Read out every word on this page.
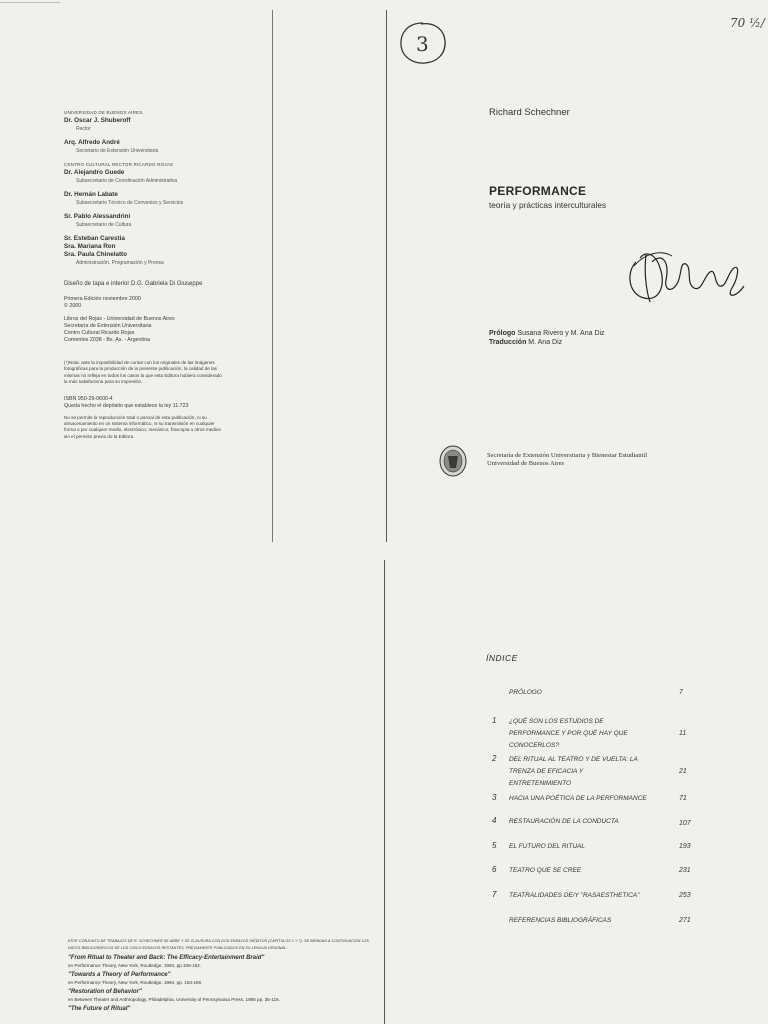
UNIVERSIDAD DE BUENOS AIRES
Dr. Oscar J. Shuberoff
Rector
Arq. Alfredo André
Secretario de Extensión Universitaria
CENTRO CULTURAL RECTOR RICARDO ROJAS
Dr. Alejandro Guede
Subsecretario de Coordinación Administrativa
Dr. Hernán Labate
Subsecretario Técnico de Convenios y Servicios
Sr. Pablo Alessandrini
Subsecretario de Cultura
Sr. Esteban Carestia
Sra. Mariana Ron
Sra. Paula Chinelatto
Administración, Programación y Prensa
Diseño de tapa e interior D.G. Gabriela Di Giuseppe
Primera Edición noviembre 2000
© 2000
Libros del Rojas - Universidad de Buenos Aires
Secretaría de Extensión Universitaria
Centro Cultural Ricardo Rojas
Corrientes 2038 - Bs. As. - Argentina
(*)Nota: ante la imposibilidad de contar con los originales de las imágenes fotográficas para la producción de la presente publicación, la calidad de las mismas no refleja en todos los casos la que esta Editora hubiera considerado la más satisfactoria para su impresión.
ISBN 950-29-0600-4
Queda hecho el depósito que establece la ley 11.723
No se permite la reproducción total o parcial de esta publicación, ni su almacenamiento en un sistema informático, ni su transmisión en cualquier forma o por cualquier medio, electrónico, mecánico, fotocopia u otros medios sin el permiso previo de la Editora.
3
70 ½/
Richard Schechner
PERFORMANCE
teoría y prácticas interculturales
Prólogo Susana Rivero y M. Ana Diz
Traducción M. Ana Diz
Secretaría de Extensión Universitaria y Bienestar Estudiantil
Universidad de Buenos Aires
ESTE CONJUNTO DE TRABAJOS DE R. SCHECHNER SE ABRE Y SE CLAUSURA CON DOS ENSAYOS INÉDITOS (CAPÍTULOS 1 Y 7). SE BRINDAN A CONTINUACIÓN LOS DATOS BIBLIOGRÁFICOS DE LOS CINCO ENSAYOS RESTANTES, PREVIAMENTE PUBLICADOS EN SU LENGUA ORIGINAL:
"From Ritual to Theater and Back: The Efficacy-Entertainment Braid"
en Performance Theory, New York, Routledge, 1994, pp.106-152.
"Towards a Theory of Performance"
en Performance Theory, New York, Routledge, 1994, pp. 153-186
"Restoration of Behavior"
en Between Theater and Anthropology, Philadelphia, University of Pennsylvania Press, 1985 pp. 35-116.
"The Future of Ritual"
ÍNDICE
PRÓLOGO	7
1 ¿QUÉ SON LOS ESTUDIOS DE PERFORMANCE Y POR QUÉ HAY QUE CONOCERLOS?
11
2 DEL RITUAL AL TEATRO Y DE VUELTA: LA TRENZA DE EFICACIA Y ENTRETENIMIENTO
21
3 HACIA UNA POÉTICA DE LA PERFORMANCE	71
4 RESTAURACIÓN DE LA CONDUCTA	107
5 EL FUTURO DEL RITUAL	193
6 TEATRO QUE SE CREE	231
7 TEATRALIDADES DE/Y "RASAESTHETICA"	253
REFERENCIAS BIBLIOGRÁFICAS	271
